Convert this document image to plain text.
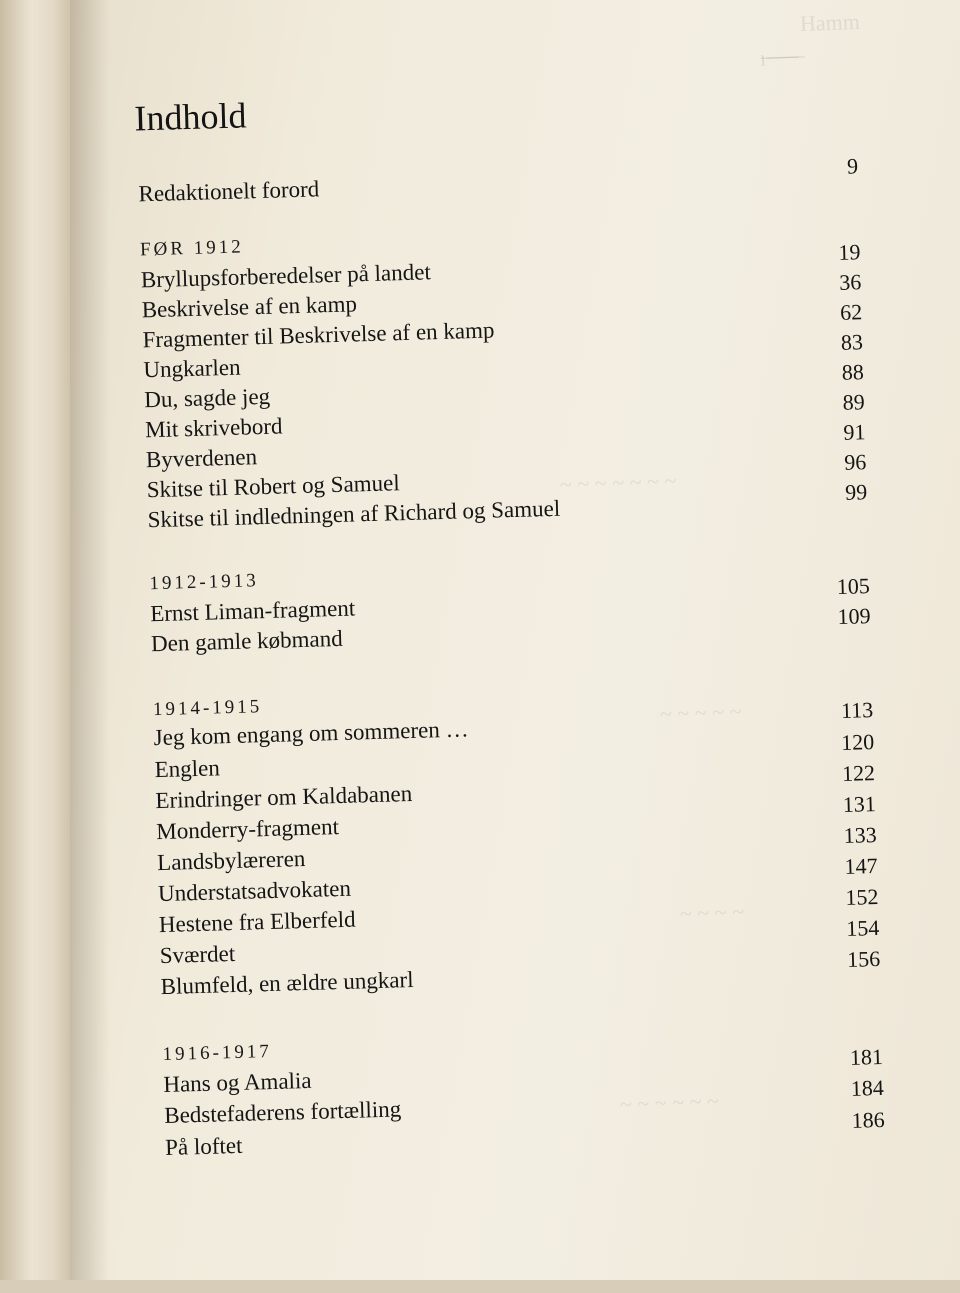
Indhold
Redaktionelt forord
9
FØR 1912
Bryllupsforberedelser på landet
19
Beskrivelse af en kamp
36
Fragmenter til Beskrivelse af en kamp
62
Ungkarlen
83
Du, sagde jeg
88
Mit skrivebord
89
Byverdenen
91
Skitse til Robert og Samuel
96
Skitse til indledningen af Richard og Samuel
99
1912-1913
Ernst Liman-fragment
105
Den gamle købmand
109
1914-1915
Jeg kom engang om sommeren …
113
Englen
120
Erindringer om Kaldabanen
122
Monderry-fragment
131
Landsbylæreren
133
Understatsadvokaten
147
Hestene fra Elberfeld
152
Sværdet
154
Blumfeld, en ældre ungkarl
156
1916-1917
Hans og Amalia
181
Bedstefaderens fortælling
184
På loftet
186
